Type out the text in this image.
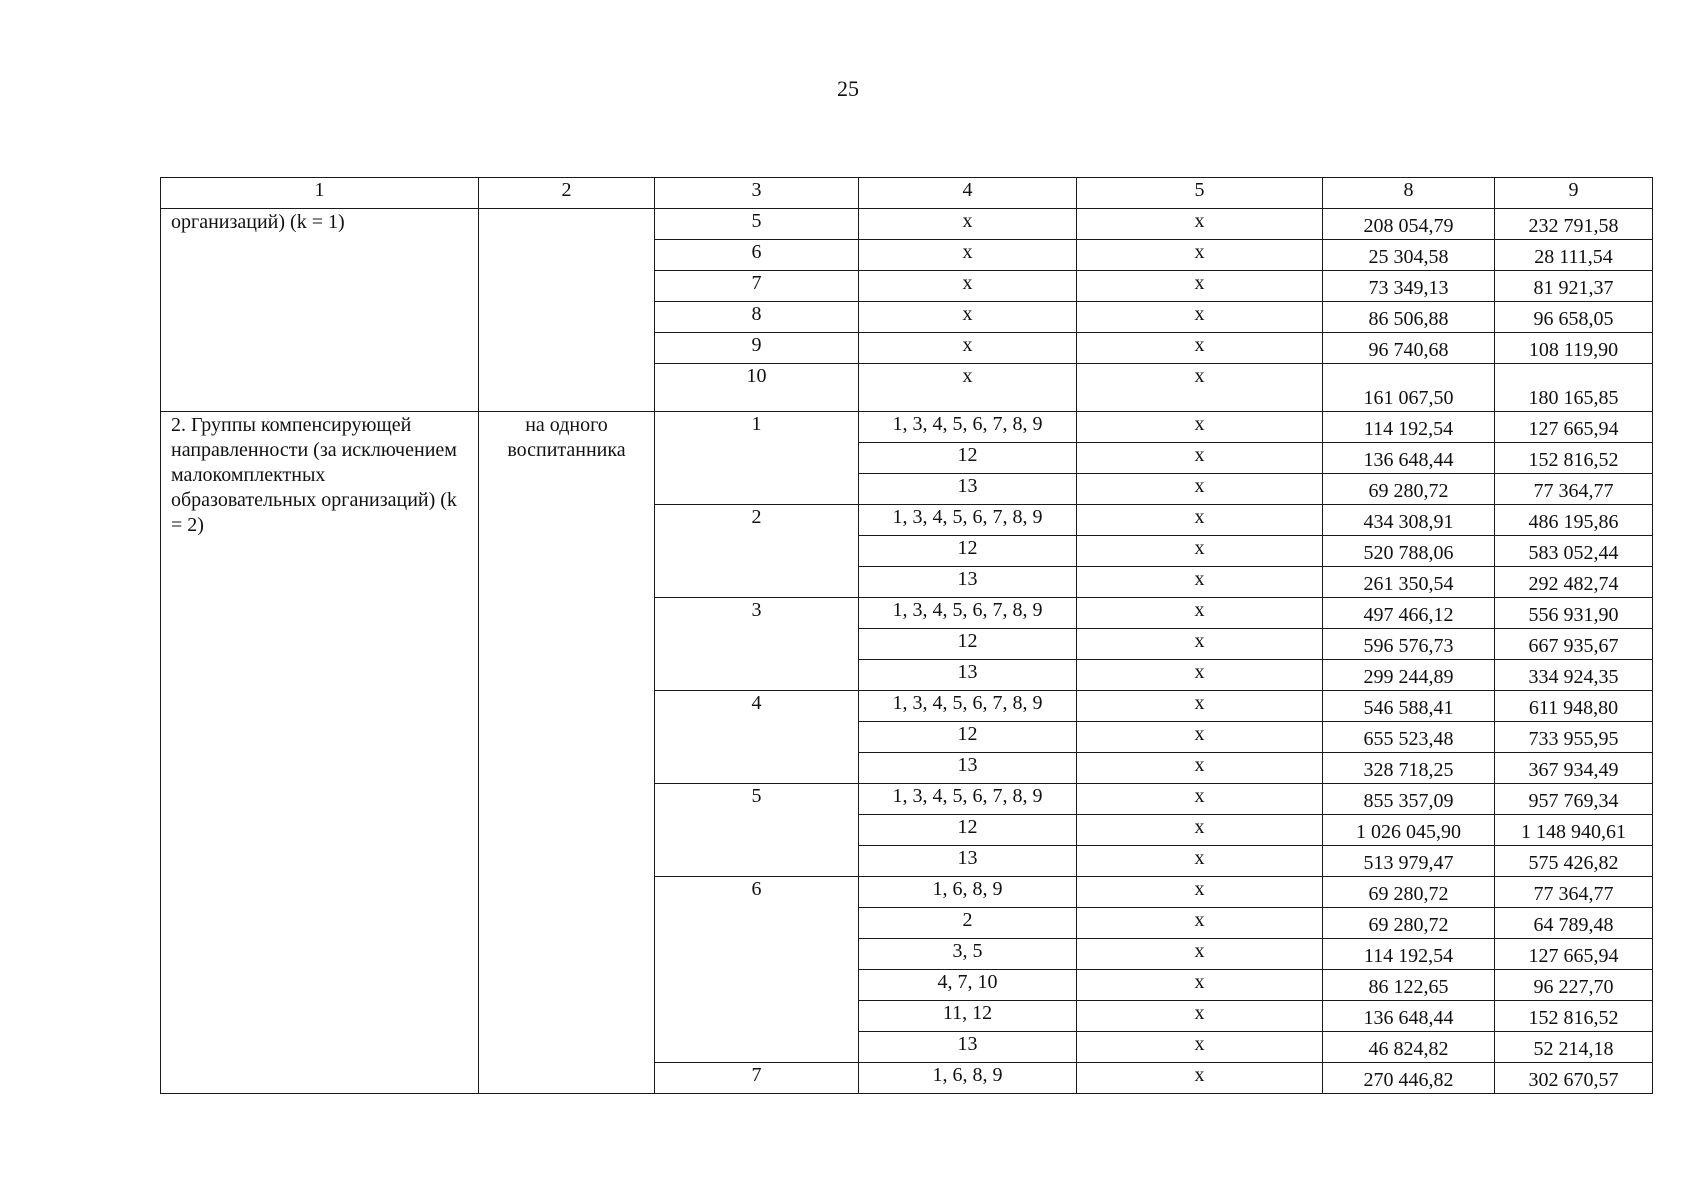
25
1	2	3	4	5	8	9
организаций) (k = 1)		5	x	x	208 054,79	232 791,58
		6	x	x	25 304,58	28 111,54
		7	x	x	73 349,13	81 921,37
		8	x	x	86 506,88	96 658,05
		9	x	x	96 740,68	108 119,90
		10	x	x	161 067,50	180 165,85
2. Группы компенсирующей направленности (за исключением малокомплектных образовательных организаций) (k = 2)	на одного воспитанника	1	1, 3, 4, 5, 6, 7, 8, 9	x	114 192,54	127 665,94
			12	x	136 648,44	152 816,52
			13	x	69 280,72	77 364,77
		2	1, 3, 4, 5, 6, 7, 8, 9	x	434 308,91	486 195,86
			12	x	520 788,06	583 052,44
			13	x	261 350,54	292 482,74
		3	1, 3, 4, 5, 6, 7, 8, 9	x	497 466,12	556 931,90
			12	x	596 576,73	667 935,67
			13	x	299 244,89	334 924,35
		4	1, 3, 4, 5, 6, 7, 8, 9	x	546 588,41	611 948,80
			12	x	655 523,48	733 955,95
			13	x	328 718,25	367 934,49
		5	1, 3, 4, 5, 6, 7, 8, 9	x	855 357,09	957 769,34
			12	x	1 026 045,90	1 148 940,61
			13	x	513 979,47	575 426,82
		6	1, 6, 8, 9	x	69 280,72	77 364,77
			2	x	69 280,72	64 789,48
			3, 5	x	114 192,54	127 665,94
			4, 7, 10	x	86 122,65	96 227,70
			11, 12	x	136 648,44	152 816,52
			13	x	46 824,82	52 214,18
		7	1, 6, 8, 9	x	270 446,82	302 670,57
